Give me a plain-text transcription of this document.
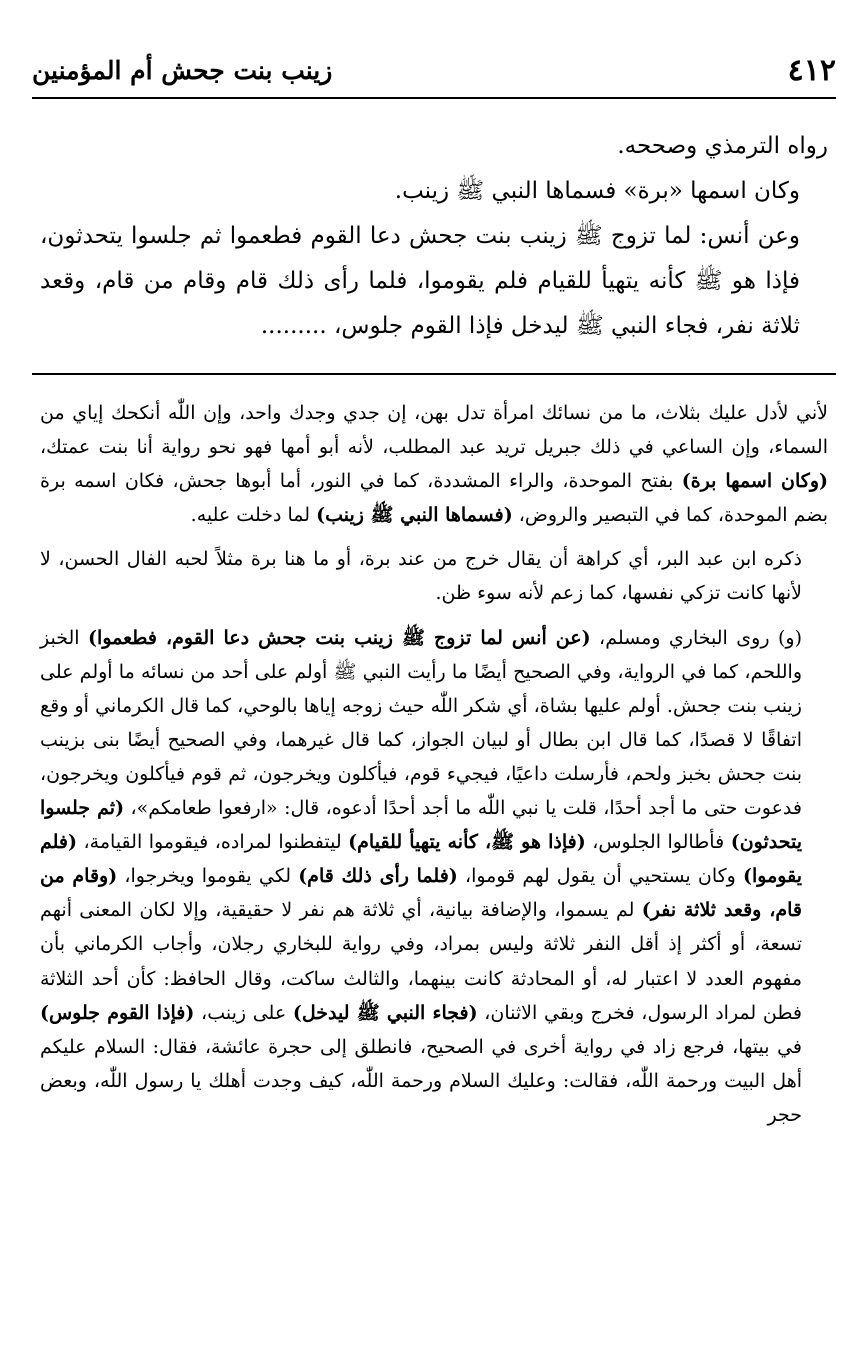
٤١٢
زينب بنت جحش أم المؤمنين

رواه الترمذي وصححه.

وكان اسمها «برة» فسماها النبي ﷺ زينب.

وعن أنس: لما تزوج ﷺ زينب بنت جحش دعا القوم فطعموا ثم جلسوا يتحدثون، فإذا هو ﷺ كأنه يتهيأ للقيام فلم يقوموا، فلما رأى ذلك قام وقام من قام، وقعد ثلاثة نفر، فجاء النبي ﷺ ليدخل فإذا القوم جلوس، .........

لأني لأدل عليك بثلاث، ما من نسائك امرأة تدل بهن، إن جدي وجدك واحد، وإن اللّٰه أنكحك إياي من السماء، وإن الساعي في ذلك جبريل تريد عبد المطلب، لأنه أبو أمها فهو نحو رواية أنا بنت عمتك، (وكان اسمها برة) بفتح الموحدة، والراء المشددة، كما في النور، أما أبوها جحش، فكان اسمه برة بضم الموحدة، كما في التبصير والروض، (فسماها النبي ﷺ زينب) لما دخلت عليه.

ذكره ابن عبد البر، أي كراهة أن يقال خرج من عند برة، أو ما هنا برة مثلاً لحبه الفال الحسن، لا لأنها كانت تزكي نفسها، كما زعم لأنه سوء ظن.

(و) روى البخاري ومسلم، (عن أنس لما تزوج ﷺ زينب بنت جحش دعا القوم، فطعموا) الخبز واللحم، كما في الرواية، وفي الصحيح أيضًا ما رأيت النبي ﷺ أولم على أحد من نسائه ما أولم على زينب بنت جحش. أولم عليها بشاة، أي شكر اللّٰه حيث زوجه إياها بالوحي، كما قال الكرماني أو وقع اتفاقًا لا قصدًا، كما قال ابن بطال أو لبيان الجواز، كما قال غيرهما، وفي الصحيح أيضًا بنى بزينب بنت جحش بخبز ولحم، فأرسلت داعيًا، فيجيء قوم، فيأكلون ويخرجون، ثم قوم فيأكلون ويخرجون، فدعوت حتى ما أجد أحدًا، قلت يا نبي اللّٰه ما أجد أحدًا أدعوه، قال: «ارفعوا طعامكم»، (ثم جلسوا يتحدثون) فأطالوا الجلوس، (فإذا هو ﷺ، كأنه يتهيأ للقيام) ليتفطنوا لمراده، فيقوموا القيامة، (فلم يقوموا) وكان يستحيي أن يقول لهم قوموا، (فلما رأى ذلك قام) لكي يقوموا ويخرجوا، (وقام من قام، وقعد ثلاثة نفر) لم يسموا، والإضافة بيانية، أي ثلاثة هم نفر لا حقيقية، وإلا لكان المعنى أنهم تسعة، أو أكثر إذ أقل النفر ثلاثة وليس بمراد، وفي رواية للبخاري رجلان، وأجاب الكرماني بأن مفهوم العدد لا اعتبار له، أو المحادثة كانت بينهما، والثالث ساكت، وقال الحافظ: كأن أحد الثلاثة فطن لمراد الرسول، فخرج وبقي الاثنان، (فجاء النبي ﷺ ليدخل) على زينب، (فإذا القوم جلوس) في بيتها، فرجع زاد في رواية أخرى في الصحيح، فانطلق إلى حجرة عائشة، فقال: السلام عليكم أهل البيت ورحمة اللّٰه، فقالت: وعليك السلام ورحمة اللّٰه، كيف وجدت أهلك يا رسول اللّٰه، وبعض حجر
